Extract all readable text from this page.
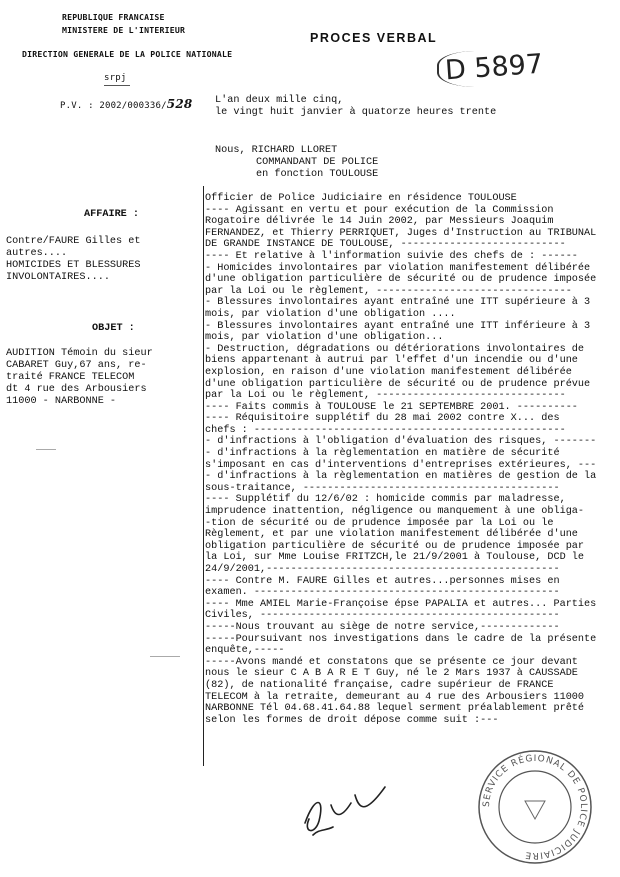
REPUBLIQUE FRANCAISE
MINISTERE DE L'INTERIEUR
DIRECTION GENERALE DE LA POLICE NATIONALE
srpj
P.V. : 2002/000336/528
PROCES VERBAL
D 5897
L'an deux mille cinq,
le vingt huit janvier à quatorze heures trente
Nous, RICHARD LLORET
COMMANDANT DE POLICE
en fonction TOULOUSE
AFFAIRE :
Contre/FAURE Gilles et
autres....
HOMICIDES ET BLESSURES
INVOLONTAIRES....
OBJET :
AUDITION Témoin du sieur
CABARET Guy,67 ans, re-
traité FRANCE TELECOM
dt 4 rue des Arbousiers
11000 - NARBONNE -
Officier de Police Judiciaire en résidence TOULOUSE
---- Agissant en vertu et pour exécution de la Commission
Rogatoire délivrée le 14 Juin 2002, par Messieurs Joaquim
FERNANDEZ, et Thierry PERRIQUET, Juges d'Instruction au TRIBUNAL
DE GRANDE INSTANCE DE TOULOUSE, ---------------------------
---- Et relative à l'information suivie des chefs de : ------
- Homicides involontaires par violation manifestement délibérée
d'une obligation particulière de sécurité ou de prudence imposée
par la Loi ou le règlement, --------------------------------
- Blessures involontaires ayant entraîné une ITT supérieure à 3
mois, par violation d'une obligation ....
- Blessures involontaires ayant entraîné une ITT inférieure à 3
mois, par violation d'une obligation...
- Destruction, dégradations ou détériorations involontaires de
biens appartenant à autrui par l'effet d'un incendie ou d'une
explosion, en raison d'une violation manifestement délibérée
d'une obligation particulière de sécurité ou de prudence prévue
par la Loi ou le règlement, -------------------------------
---- Faits commis à TOULOUSE le 21 SEPTEMBRE 2001. ----------
---- Réquisitoire supplétif du 28 mai 2002 contre X... des
chefs : ---------------------------------------------------
- d'infractions à l'obligation d'évaluation des risques, -------
- d'infractions à la règlementation en matière de sécurité
s'imposant en cas d'interventions d'entreprises extérieures, ---
- d'infractions à la règlementation en matières de gestion de la
sous-traitance, ------------------------------------------
---- Supplétif du 12/6/02 : homicide commis par maladresse,
imprudence inattention, négligence ou manquement à une obliga-
-tion de sécurité ou de prudence imposée par la Loi ou le
Règlement, et par une violation manifestement délibérée d'une
obligation particulière de sécurité ou de prudence imposée par
la Loi, sur Mme Louise FRITZCH,le 21/9/2001 à Toulouse, DCD le
24/9/2001,------------------------------------------------
---- Contre M. FAURE Gilles et autres...personnes mises en
examen. --------------------------------------------------
---- Mme AMIEL Marie-Françoise épse PAPALIA et autres... Parties
Civiles, -------------------------------------------------
-----Nous trouvant au siège de notre service,-------------
-----Poursuivant nos investigations dans le cadre de la présente
enquête,-----
-----Avons mandé et constatons que se présente ce jour devant
nous le sieur C A B A R E T Guy, né le 2 Mars 1937 à CAUSSADE
(82), de nationalité française, cadre supérieur de FRANCE
TELECOM à la retraite, demeurant au 4 rue des Arbousiers 11000
NARBONNE Tél 04.68.41.64.88 lequel serment préalablement prêté
selon les formes de droit dépose comme suit :---
SERVICE RÉGIONAL DE POLICE JUDICIAIRE
